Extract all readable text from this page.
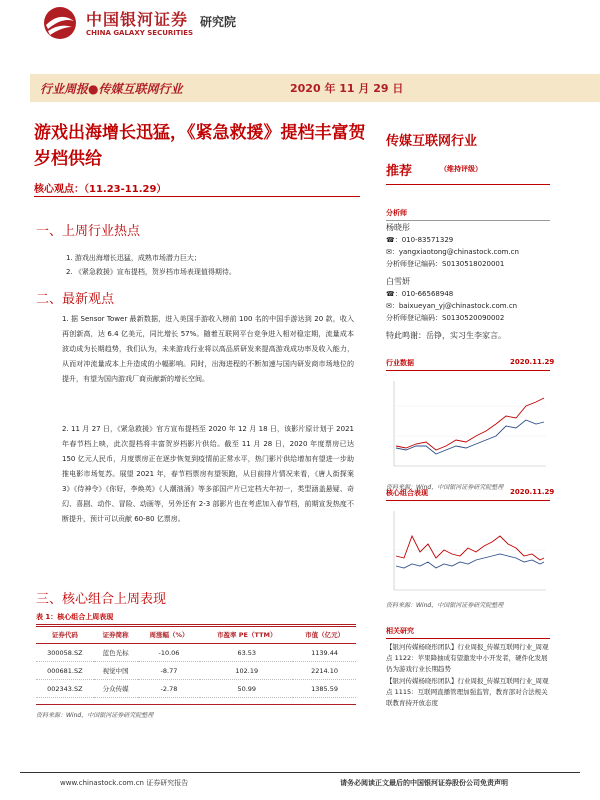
中国银河证券
CHINA GALAXY SECURITIES
研究院
行业周报●传媒互联网行业	2020 年 11 月 29 日
游戏出海增长迅猛，《紧急救援》提档丰富贺岁档供给
核心观点：（11.23-11.29）
一、上周行业热点
1. 游戏出海增长迅猛，成熟市场潜力巨大；
2. 《紧急救援》宣布提档，贺岁档市场表现值得期待。
二、最新观点
1. 据 Sensor Tower 最新数据，进入美国手游收入榜前 100 名的中国手游达到 20 款，收入再创新高，达 6.4 亿美元，同比增长 57%。随着互联网平台竞争进入相对稳定期，流量成本波动成为长期趋势，我们认为，未来游戏行业将以高品质研发来提高游戏成功率及收入能力，从而对冲流量成本上升造成的小幅影响。同时，出海进程的不断加速与国内研发商市场地位的提升，有望为国内游戏厂商贡献新的增长空间。
2. 11 月 27 日，《紧急救援》官方宣布提档至 2020 年 12 月 18 日，该影片原计划于 2021 年春节档上映，此次提档将丰富贺岁档影片供给。截至 11 月 28 日，2020 年度票房已达 150 亿元人民币，月度票房正在逐步恢复到疫情前正常水平，热门影片供给增加有望进一步助推电影市场复苏。展望 2021 年，春节档票房有望领跑，从目前排片情况来看，《唐人街探案 3》《侍神令》《你好，李焕英》《人潮汹涌》等多部国产片已定档大年初一，类型涵盖悬疑、奇幻、喜剧、动作、冒险、动画等，另外还有 2-3 部影片也在考虑加入春节档，前期宣发热度不断提升，预计可以贡献 60-80 亿票房。
三、核心组合上周表现
表 1：核心组合上周表现
证券代码	证券简称	周涨幅（%）	市盈率 PE（TTM）	市值（亿元）
300058.SZ	蓝色光标	-10.06	63.53	1139.44
000681.SZ	视觉中国	-8.77	102.19	2214.10
002343.SZ	分众传媒	-2.78	50.99	1385.59
资料来源：Wind，中国银河证券研究院整理
传媒互联网行业
推荐	（维持评级）
分析师
杨晓彤
☎：010-83571329
✉：yangxiaotong@chinastock.com.cn
分析师登记编码：S0130518020001
白雪妍
☎：010-66568948
✉：baixueyan_yj@chinastock.com.cn
分析师登记编码：S0130520090002
特此鸣谢：岳铮，实习生李家言。
行业数据	2020.11.29
资料来源：Wind，中国银河证券研究院整理
核心组合表现	2020.11.29
资料来源：Wind，中国银河证券研究院整理
相关研究
【银河传媒杨晓彤团队】行业周报_传媒互联网行业_周观点 1122：苹果降抽成有望激发中小开发者，硬件化发展仍为游戏行业长期趋势
【银河传媒杨晓彤团队】行业周报_传媒互联网行业_周观点 1115：互联网直播管理加强监管，教育部对合法规关联教育持开放态度
www.chinastock.com.cn 证券研究报告	请务必阅读正文最后的中国银河证券股份公司免责声明
